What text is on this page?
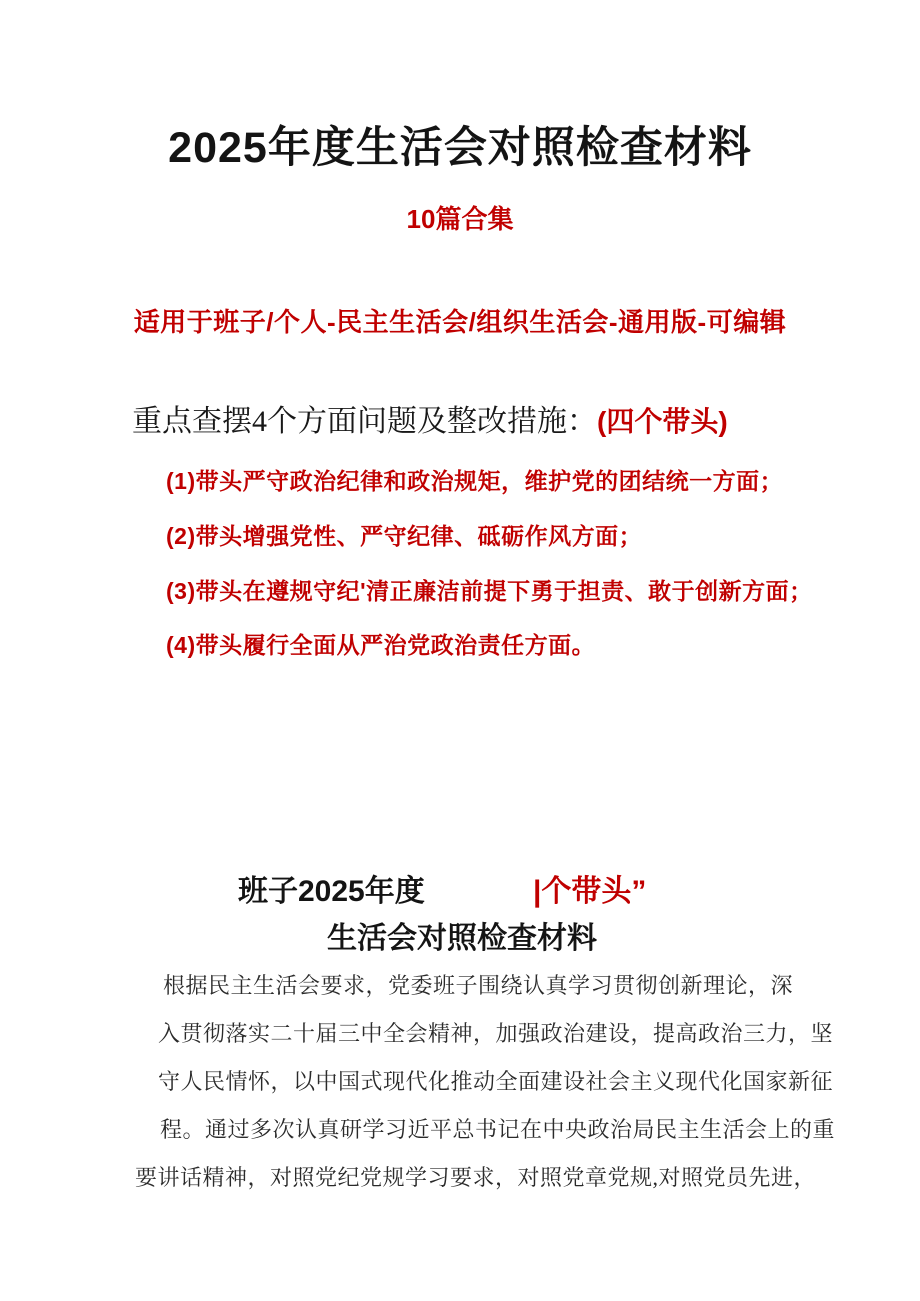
2025年度生活会对照检查材料
10篇合集
适用于班子/个人-民主生活会/组织生活会-通用版-可编辑
重点查摆4个方面问题及整改措施：(四个带头)
(1)带头严守政治纪律和政治规矩，维护党的团结统一方面；
(2)带头增强党性、严守纪律、砥砺作风方面；
(3)带头在遵规守纪'清正廉洁前提下勇于担责、敢于创新方面；
(4)带头履行全面从严治党政治责任方面。
班子2025年度	|个带头”
生活会对照检查材料
根据民主生活会要求，党委班子围绕认真学习贯彻创新理论，深
入贯彻落实二十届三中全会精神，加强政治建设，提高政治三力，坚
守人民情怀，以中国式现代化推动全面建设社会主义现代化国家新征
程。通过多次认真研学习近平总书记在中央政治局民主生活会上的重
要讲话精神，对照党纪党规学习要求，对照党章党规,对照党员先进，
